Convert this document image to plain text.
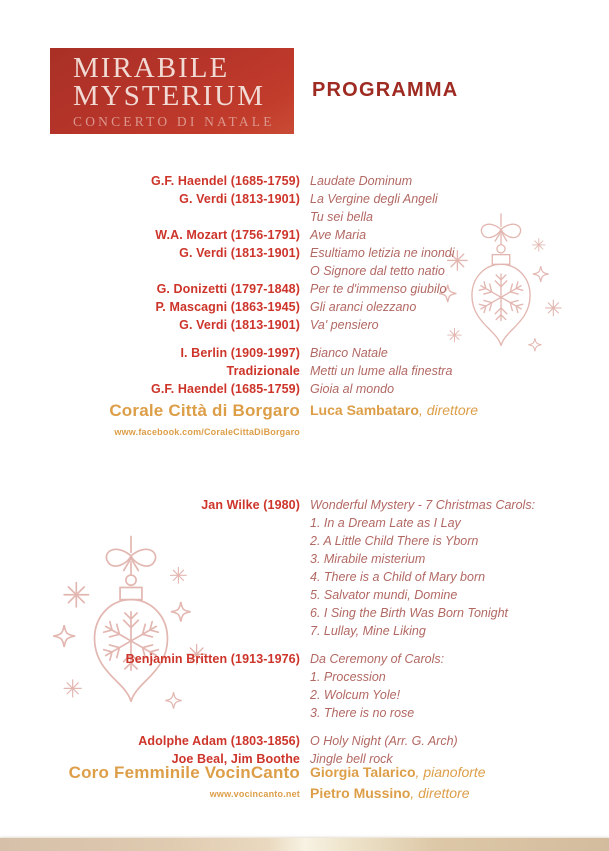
MIRABILE
MYSTERIUM
CONCERTO DI NATALE
PROGRAMMA
G.F. Haendel (1685-1759) Laudate Dominum
G. Verdi (1813-1901) La Vergine degli Angeli
Tu sei bella
W.A. Mozart (1756-1791) Ave Maria
G. Verdi (1813-1901) Esultiamo letizia ne inondi
O Signore dal tetto natio
G. Donizetti (1797-1848) Per te d'immenso giubilo
P. Mascagni (1863-1945) Gli aranci olezzano
G. Verdi (1813-1901) Va' pensiero
I. Berlin (1909-1997) Bianco Natale
Tradizionale Metti un lume alla finestra
G.F. Haendel (1685-1759) Gioia al mondo
Corale Città di Borgaro
www.facebook.com/CoraleCittaDiBorgaro
Luca Sambataro, direttore
Jan Wilke (1980) Wonderful Mystery - 7 Christmas Carols:
1. In a Dream Late as I Lay
2. A Little Child There is Yborn
3. Mirabile misterium
4. There is a Child of Mary born
5. Salvator mundi, Domine
6. I Sing the Birth Was Born Tonight
7. Lullay, Mine Liking
Benjamin Britten (1913-1976) Da Ceremony of Carols:
1. Procession
2. Wolcum Yole!
3. There is no rose
Adolphe Adam (1803-1856) O Holy Night (Arr. G. Arch)
Joe Beal, Jim Boothe Jingle bell rock
Coro Femminile VocinCanto
www.vocincanto.net
Giorgia Talarico, pianoforte
Pietro Mussino, direttore
